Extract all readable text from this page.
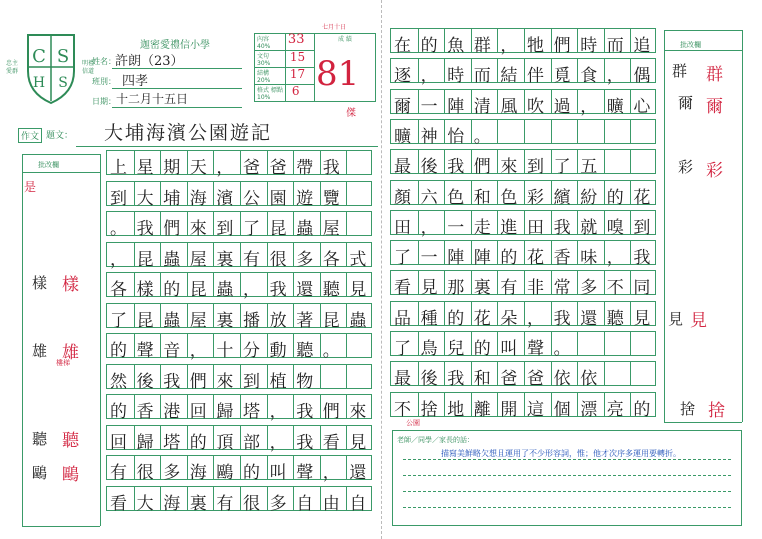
C S
H S
忠主 愛群
明禮 信道
迦密愛禮信小學
姓名： 許朗（23）
班別： 四孝
日期： 十二月十五日
內容
40%	33	成 績
文句
30%	15	

結構
20%	17	

格式 標點
10%	6	81
傑
七月十日
作文 題文： 大埔海濱公園遊記
批改欄	上星期天，爸爸帶我
到大埔海濱公園遊覽
。我們來到了昆蟲屋
，昆蟲屋裏有很多各式
各樣的昆蟲，我還聽見
了昆蟲屋裏播放著昆蟲
的聲音，十分動聽。
然後我們來到植物
的香港回歸塔，我們來
回歸塔的頂部，我看見
有很多海鷗的叫聲，還
看大海裏有很多自由自
在的魚群，牠們時而追
逐，時而結伴覓食，偶
爾一陣清風吹過，曠心
曠神怡。
最後我們來到了五
顏六色和色彩繽紛的花
田，一走進田我就嗅到
了一陣陣的花香味，我
看見那裏有非常多不同
品種的花朵，我還聽見
了鳥兒的叫聲。
最後我和爸爸依依
不捨地離開這個漂亮的
批改欄
是
樣 樣
雄 雄
聽 聽
鷗 鷗
樓梯
群 群
爾 爾
彩 彩
見 見
捨 捨
公園
老師／同學／家長的話：
描寫美鮮略欠想且運用了不少形容詞，惟；他才次序多運用要轉折。
